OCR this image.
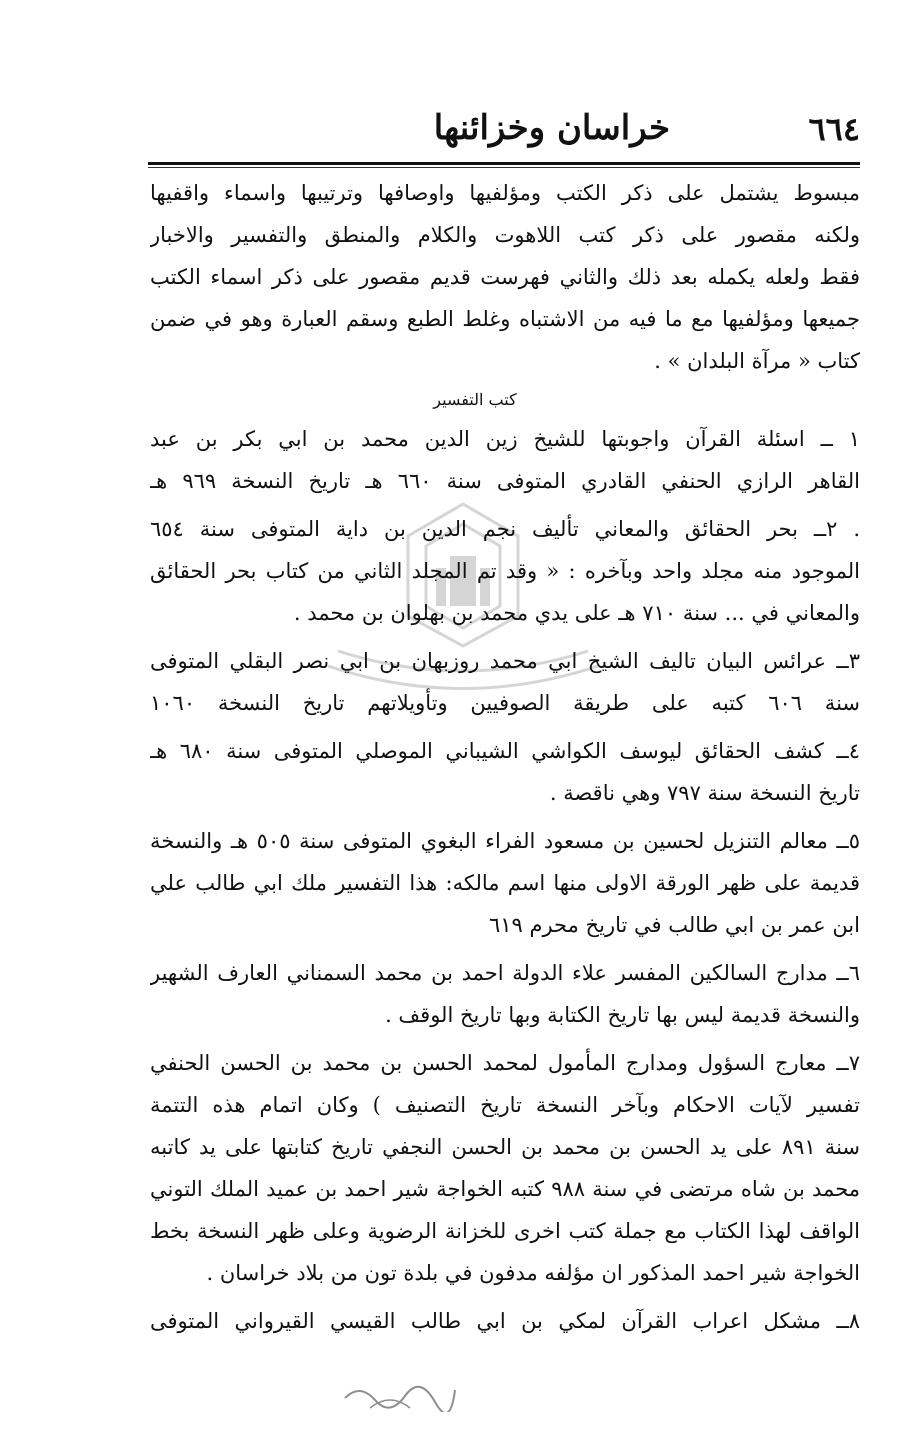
خراسان وخزائنها	٦٦٤
مبسوط يشتمل على ذكر الكتب ومؤلفيها واوصافها وترتيبها واسماء واقفيها
ولكنه مقصور على ذكر كتب اللاهوت والكلام والمنطق والتفسير والاخبار
فقط ولعله يكمله بعد ذلك والثاني فهرست قديم مقصور على ذكر اسماء الكتب
جميعها ومؤلفيها مع ما فيه من الاشتباه وغلط الطبع وسقم العبارة وهو في ضمن
كتاب « مرآة البلدان » .
كتب التفسير
١ ــ اسئلة القرآن واجوبتها للشيخ زين الدين محمد بن ابي بكر بن عبد
القاهر الرازي الحنفي القادري المتوفى سنة ٦٦٠ هـ تاريخ النسخة ٩٦٩ هـ
. ٢ــ بحر الحقائق والمعاني تأليف نجم الدين بن داية المتوفى سنة ٦٥٤
الموجود منه مجلد واحد وبآخره : « وقد تم المجلد الثاني من كتاب بحر الحقائق
والمعاني في ... سنة ٧١٠ هـ على يدي محمد بن بهلوان بن محمد .
٣ــ عرائس البيان تاليف الشيخ ابي محمد روزبهان بن ابي نصر البقلي المتوفى
سنة ٦٠٦ كتبه على طريقة الصوفيين وتأويلاتهم تاريخ النسخة ١٠٦٠
٤ــ كشف الحقائق ليوسف الكواشي الشيباني الموصلي المتوفى سنة ٦٨٠ هـ
تاريخ النسخة سنة ٧٩٧ وهي ناقصة .
٥ــ معالم التنزيل لحسين بن مسعود الفراء البغوي المتوفى سنة ٥٠٥ هـ والنسخة
قديمة على ظهر الورقة الاولى منها اسم مالكه: هذا التفسير ملك ابي طالب علي
ابن عمر بن ابي طالب في تاريخ محرم ٦١٩
٦ــ مدارج السالكين المفسر علاء الدولة احمد بن محمد السمناني العارف الشهير
والنسخة قديمة ليس بها تاريخ الكتابة وبها تاريخ الوقف .
٧ــ معارج السؤول ومدارج المأمول لمحمد الحسن بن محمد بن الحسن الحنفي
تفسير لآيات الاحكام وبآخر النسخة تاريخ التصنيف ) وكان اتمام هذه التتمة
سنة ٨٩١ على يد الحسن بن محمد بن الحسن النجفي تاريخ كتابتها على يد كاتبه
محمد بن شاه مرتضى في سنة ٩٨٨ كتبه الخواجة شير احمد بن عميد الملك التوني
الواقف لهذا الكتاب مع جملة كتب اخرى للخزانة الرضوية وعلى ظهر النسخة بخط
الخواجة شير احمد المذكور ان مؤلفه مدفون في بلدة تون من بلاد خراسان .
٨ــ مشكل اعراب القرآن لمكي بن ابي طالب القيسي القيرواني المتوفى
